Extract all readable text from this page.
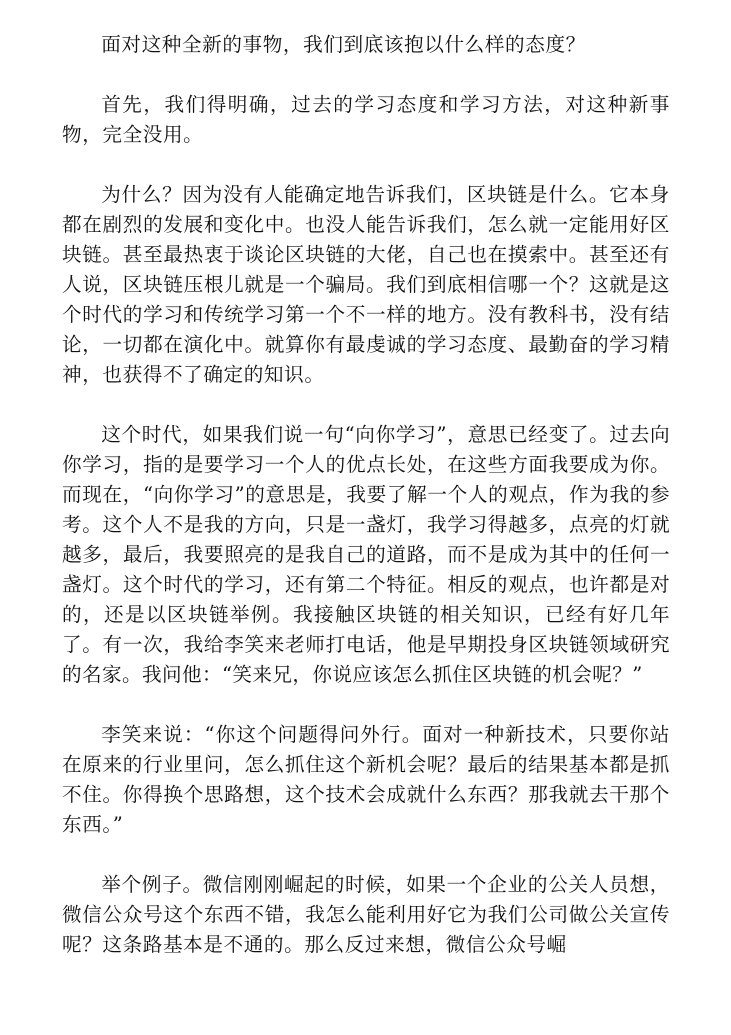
面对这种全新的事物，我们到底该抱以什么样的态度？

首先，我们得明确，过去的学习态度和学习方法，对这种新事物，完全没用。

为什么？因为没有人能确定地告诉我们，区块链是什么。它本身都在剧烈的发展和变化中。也没人能告诉我们，怎么就一定能用好区块链。甚至最热衷于谈论区块链的大佬，自己也在摸索中。甚至还有人说，区块链压根儿就是一个骗局。我们到底相信哪一个？这就是这个时代的学习和传统学习第一个不一样的地方。没有教科书，没有结论，一切都在演化中。就算你有最虔诚的学习态度、最勤奋的学习精神，也获得不了确定的知识。

这个时代，如果我们说一句“向你学习”，意思已经变了。过去向你学习，指的是要学习一个人的优点长处，在这些方面我要成为你。而现在，“向你学习”的意思是，我要了解一个人的观点，作为我的参考。这个人不是我的方向，只是一盏灯，我学习得越多，点亮的灯就越多，最后，我要照亮的是我自己的道路，而不是成为其中的任何一盏灯。这个时代的学习，还有第二个特征。相反的观点，也许都是对的，还是以区块链举例。我接触区块链的相关知识，已经有好几年了。有一次，我给李笑来老师打电话，他是早期投身区块链领域研究的名家。我问他：“笑来兄，你说应该怎么抓住区块链的机会呢？”

李笑来说：“你这个问题得问外行。面对一种新技术，只要你站在原来的行业里问，怎么抓住这个新机会呢？最后的结果基本都是抓不住。你得换个思路想，这个技术会成就什么东西？那我就去干那个东西。”

举个例子。微信刚刚崛起的时候，如果一个企业的公关人员想，微信公众号这个东西不错，我怎么能利用好它为我们公司做公关宣传呢？这条路基本是不通的。那么反过来想，微信公众号崛
